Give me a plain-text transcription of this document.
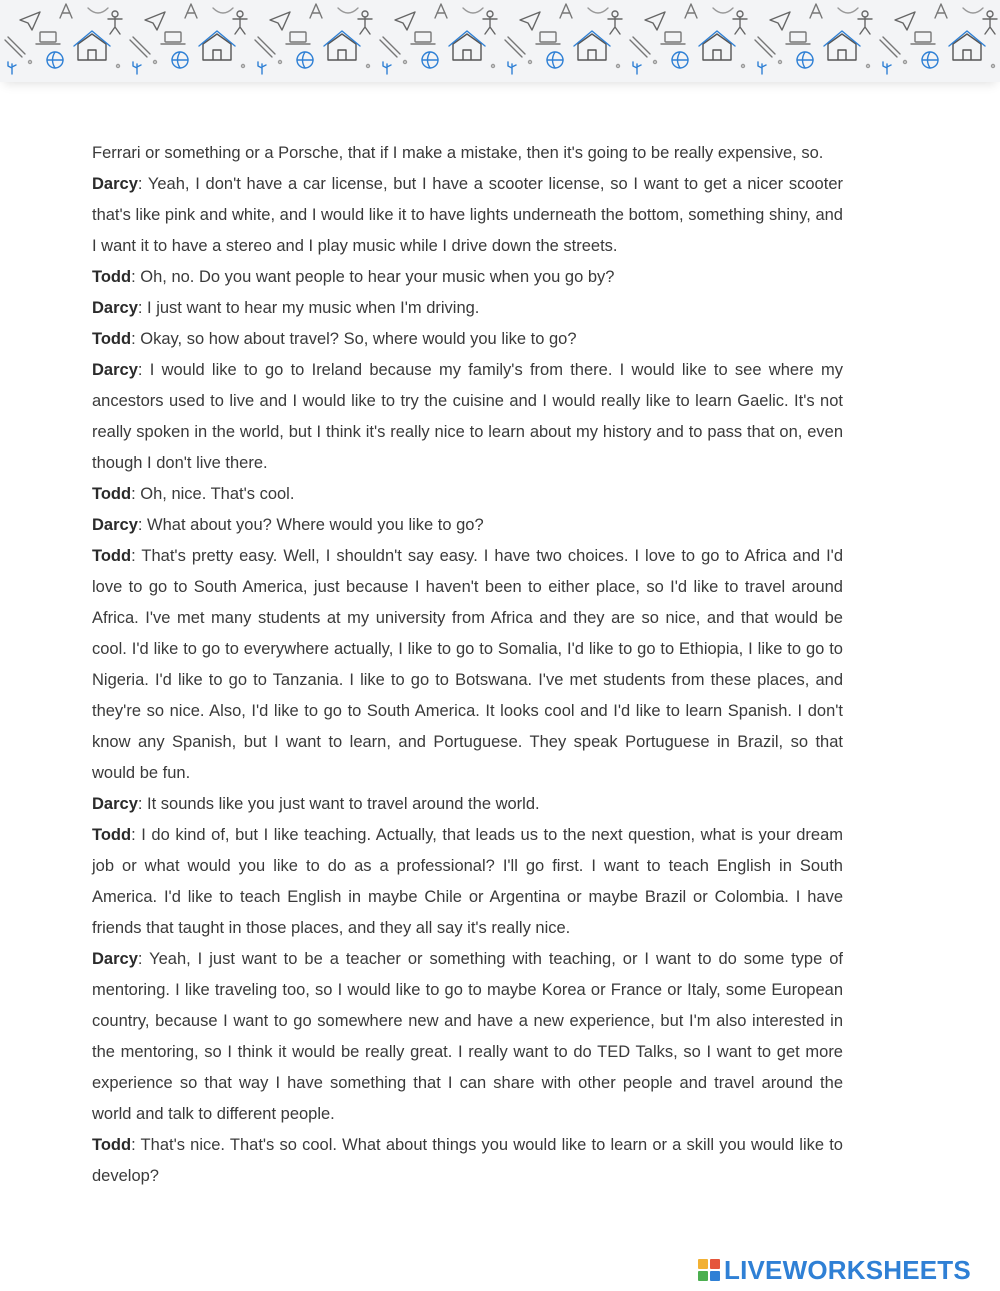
Ferrari or something or a Porsche, that if I make a mistake, then it's going to be really expensive, so.

Darcy: Yeah, I don't have a car license, but I have a scooter license, so I want to get a nicer scooter that's like pink and white, and I would like it to have lights underneath the bottom, something shiny, and I want it to have a stereo and I play music while I drive down the streets.

Todd: Oh, no. Do you want people to hear your music when you go by?

Darcy: I just want to hear my music when I'm driving.

Todd: Okay, so how about travel? So, where would you like to go?

Darcy: I would like to go to Ireland because my family's from there. I would like to see where my ancestors used to live and I would like to try the cuisine and I would really like to learn Gaelic. It's not really spoken in the world, but I think it's really nice to learn about my history and to pass that on, even though I don't live there.

Todd: Oh, nice. That's cool.

Darcy: What about you? Where would you like to go?

Todd: That's pretty easy. Well, I shouldn't say easy. I have two choices. I love to go to Africa and I'd love to go to South America, just because I haven't been to either place, so I'd like to travel around Africa. I've met many students at my university from Africa and they are so nice, and that would be cool. I'd like to go to everywhere actually, I like to go to Somalia, I'd like to go to Ethiopia, I like to go to Nigeria. I'd like to go to Tanzania. I like to go to Botswana. I've met students from these places, and they're so nice. Also, I'd like to go to South America. It looks cool and I'd like to learn Spanish. I don't know any Spanish, but I want to learn, and Portuguese. They speak Portuguese in Brazil, so that would be fun.

Darcy: It sounds like you just want to travel around the world.

Todd: I do kind of, but I like teaching. Actually, that leads us to the next question, what is your dream job or what would you like to do as a professional? I'll go first. I want to teach English in South America. I'd like to teach English in maybe Chile or Argentina or maybe Brazil or Colombia. I have friends that taught in those places, and they all say it's really nice.

Darcy: Yeah, I just want to be a teacher or something with teaching, or I want to do some type of mentoring. I like traveling too, so I would like to go to maybe Korea or France or Italy, some European country, because I want to go somewhere new and have a new experience, but I'm also interested in the mentoring, so I think it would be really great. I really want to do TED Talks, so I want to get more experience so that way I have something that I can share with other people and travel around the world and talk to different people.

Todd: That's nice. That's so cool. What about things you would like to learn or a skill you would like to develop?

LIVEWORKSHEETS
